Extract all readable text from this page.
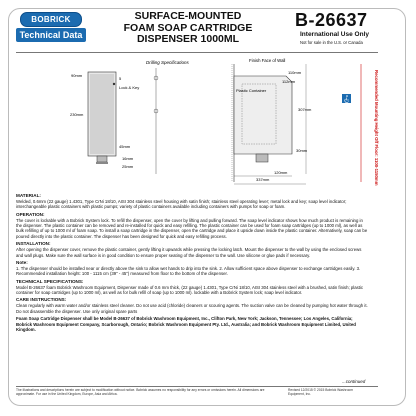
BOBRICK
Technical Data
SURFACE-MOUNTED
FOAM SOAP CARTRIDGE
DISPENSER 1000ML
B-26637
International Use Only
Not for sale in the U.S. or Canada
Drilling Specifications
90mm
Lock & Key
230mm
45mm
16mm
25mm
5
Finish Face of Wall
Plastic Container
110mm
112mm
307mm
30mm
120mm
337mm	Recommended Mounting Height Off Floor: 1100-1150mm
MATERIAL:

Welded, 0.6mm (22 gauge) 1.4301, Type CrNi 18/10, AISI 304 stainless steel housing with satin finish; stainless steel operating lever; metal lock and key; soap level indicator; interchangeable plastic containers with plastic pumps; variety of plastic containers available including containers with pumps for soap or foam.

OPERATION:

The cover is lockable with a Bobrick System lock. To refill the dispenser, open the cover by lifting and pulling forward. The soap level indicator shows how much product is remaining in the dispenser. The plastic container can be removed and re-installed for quick and easy refilling. The plastic container can be used for foam soap cartridges (up to 1000 ml), as well as bulk refilling of up to 1000 ml of foam soap. To install a soap cartridge in the dispenser, open the cartridge and place it upside down inside the plastic container. Alternatively, soap can be poured directly into the plastic container. The dispenser has been designed for quick and easy refilling process.

INSTALLATION:

After opening the dispenser cover, remove the plastic container, gently lifting it upwards while pressing the locking latch. Mount the dispenser to the wall by using the enclosed screws and wall plugs. Make sure the wall surface is in good condition to ensure proper seating of the dispenser to the wall. Use silicone or glue pads if necessary.

Note:

1. The dispenser should be installed near or directly above the sink to allow wet hands to drip into the sink. 2. Allow sufficient space above dispenser to exchange cartridges easily. 3. Recommended installation height: 100 - 1115 cm (39" - 45") measured from floor to the bottom of the dispenser.

TECHNICAL SPECIFICATIONS:

Model B-26637 foam Bobrick Washroom Equipment, Dispenser made of 0.6 mm thick, (22 gauge) 1.4301, Type CrNi 18/10, AISI 304 stainless steel with a brushed, satin finish; plastic container for soap cartridges (up to 1000 ml), as well as for bulk refill of soap (up to 1000 ml). lockable with a Bobrick System lock; soap level indicator.

CARE INSTRUCTIONS:

Clean regularly with warm water and/or stainless steel cleaner. Do not use acid (chloride) cleaners or scouring agents. The suction valve can be cleaned by pumping hot water through it. Do not disassemble the dispenser. Use only original spare parts

Foam Soap Cartridge Dispenser shall be Model B-26637 of Bobrick Washroom Equipment, Inc., Clifton Park, New York; Jackson, Tennessee; Los Angeles, California; Bobrick Washroom Equipment Company, Scarborough, Ontario; Bobrick Washroom Equipment Pty. Ltd., Australia; and Bobrick Washroom Equipment Limited, United Kingdom.

...continued
The illustrations and descriptions herein are subject to modification without notice. Bobrick assumes no responsibility for any errors or omissions herein. All dimensions are approximate. For use in the United Kingdom, Europe, Asia and Africa.
Revised 12/2015 © 2015 Bobrick Washroom Equipment, Inc.
